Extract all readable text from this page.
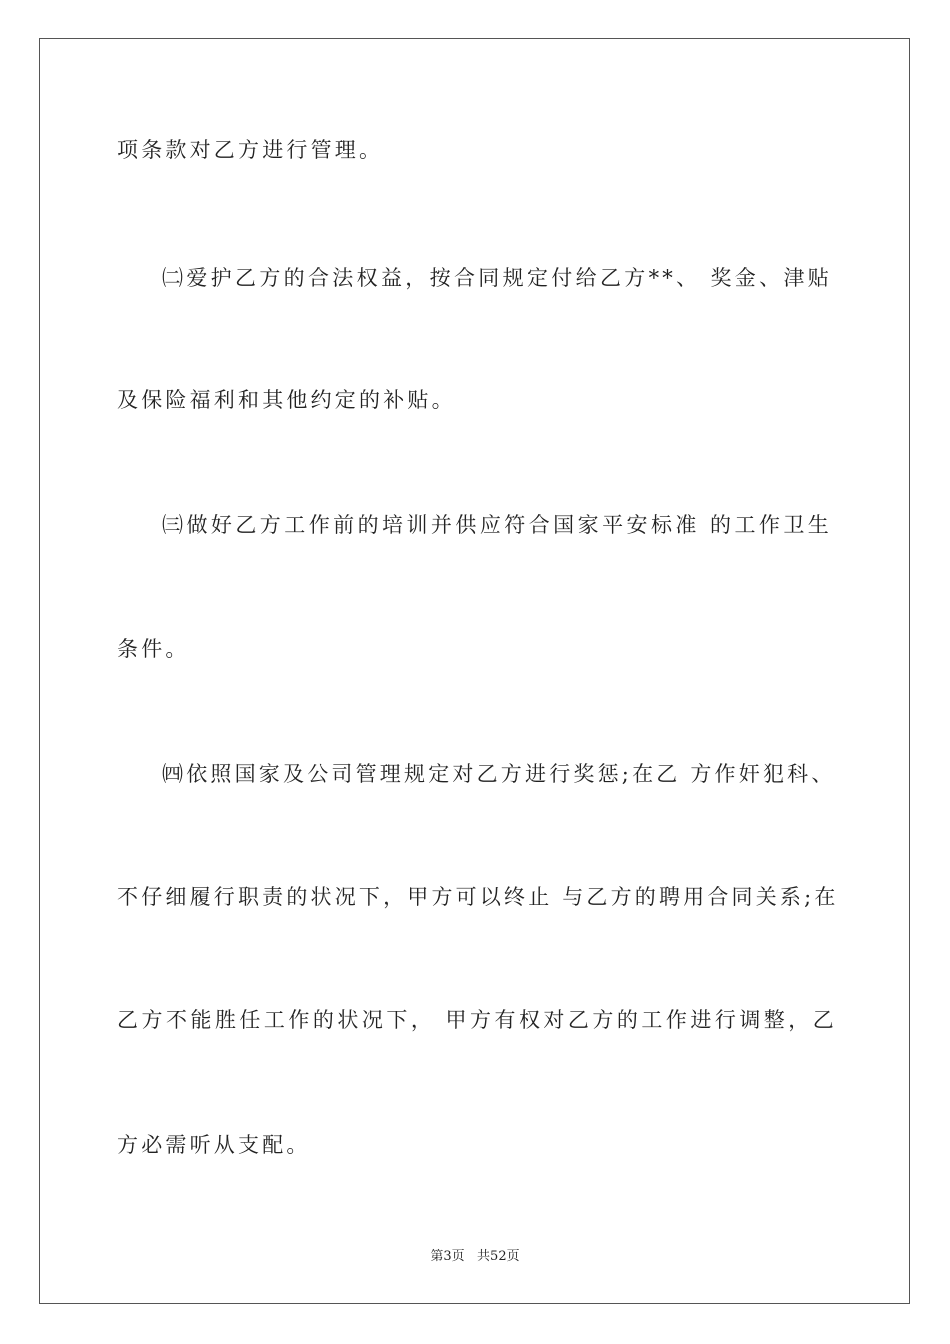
项条款对乙方进行管理。
㈡爱护乙方的合法权益，按合同规定付给乙方**、 奖金、津贴
及保险福利和其他约定的补贴。
㈢做好乙方工作前的培训并供应符合国家平安标准 的工作卫生
条件。
㈣依照国家及公司管理规定对乙方进行奖惩;在乙 方作奸犯科、
不仔细履行职责的状况下，甲方可以终止 与乙方的聘用合同关系;在
乙方不能胜任工作的状况下， 甲方有权对乙方的工作进行调整，乙
方必需听从支配。
第3页   共52页
